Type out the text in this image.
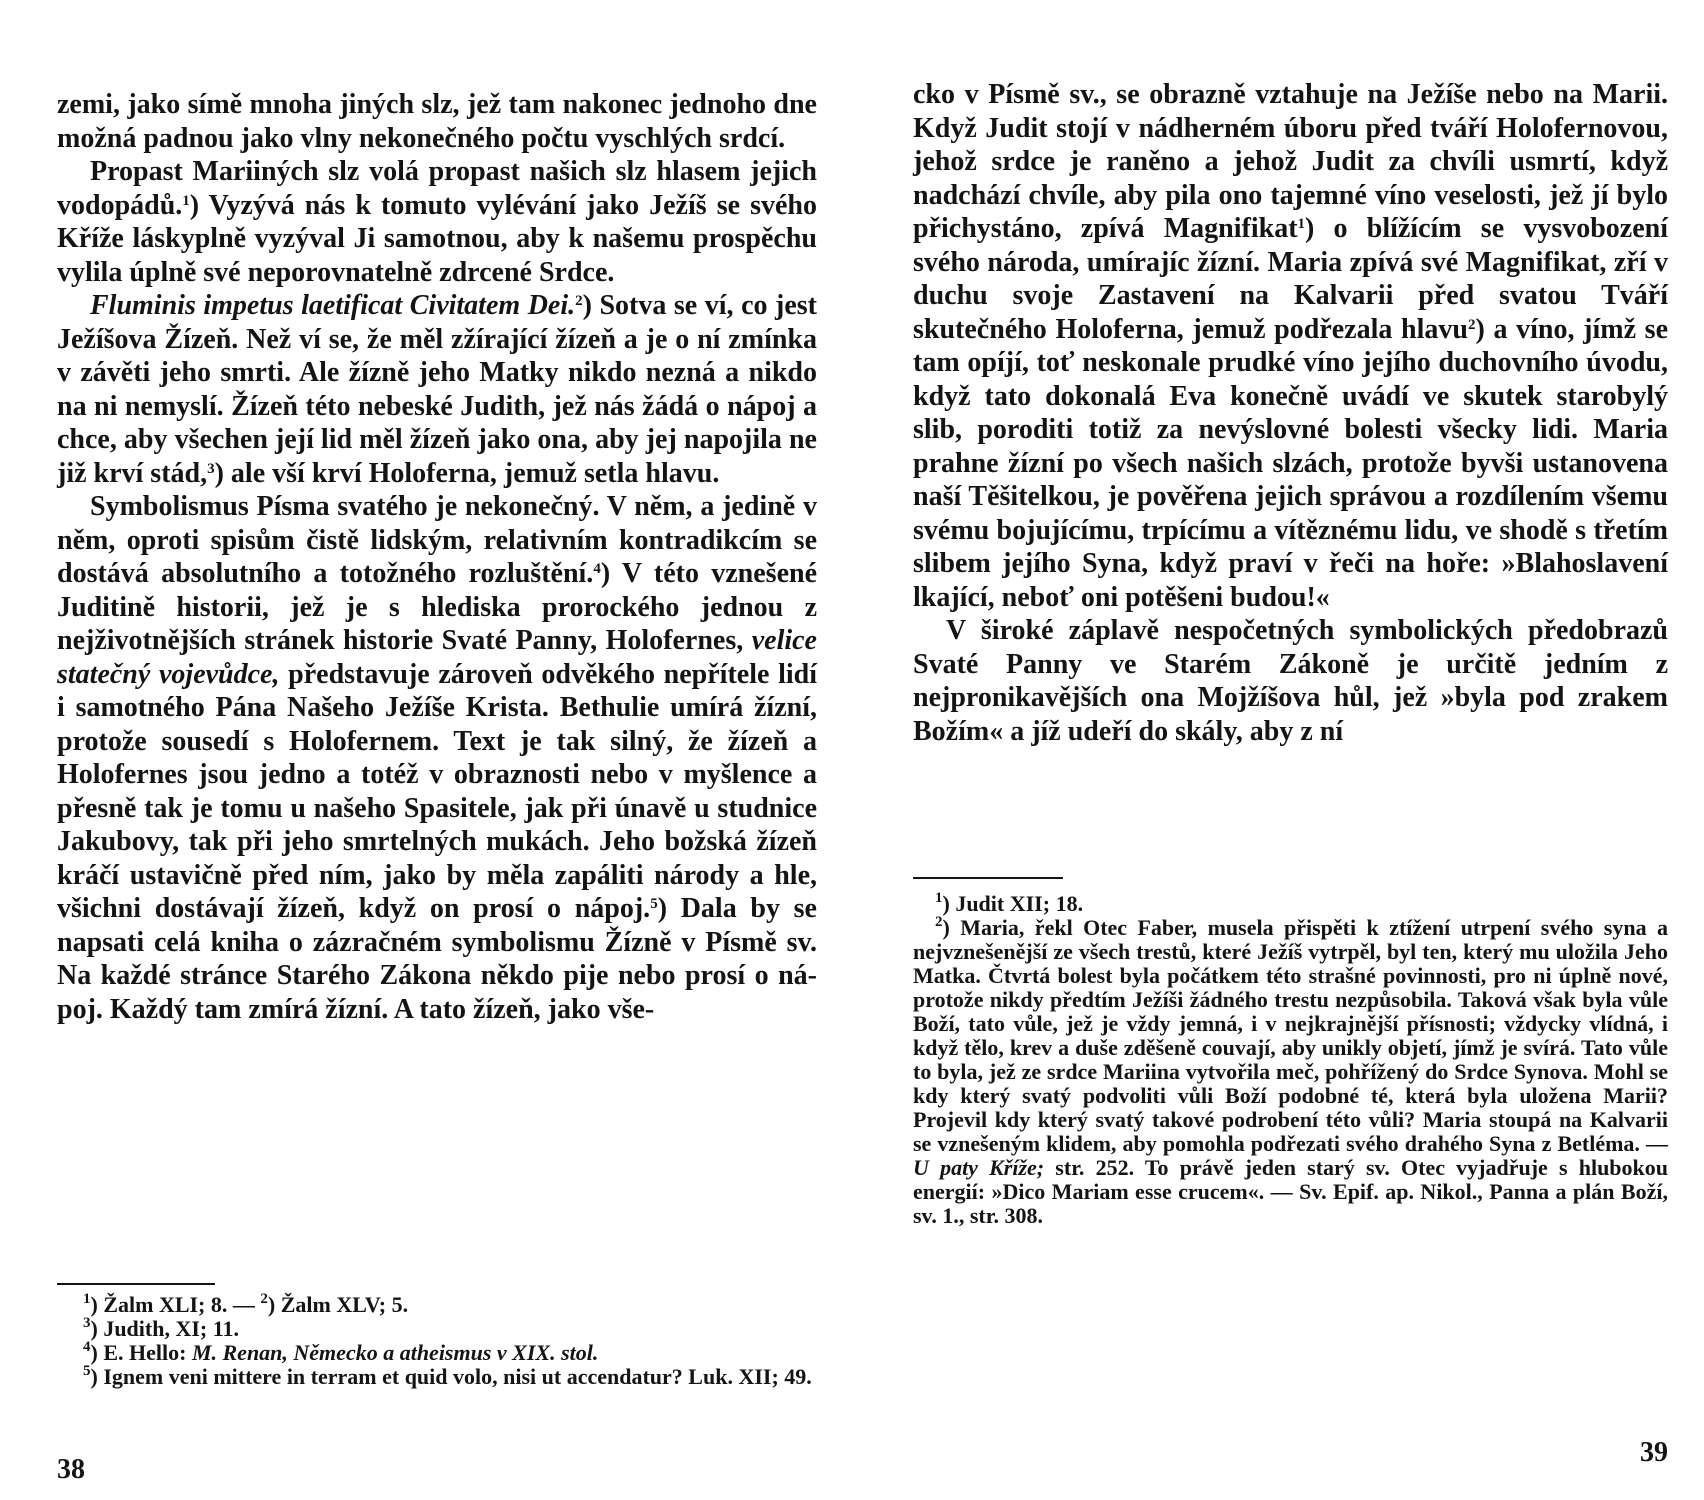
zemi, jako símě mnoha jiných slz, jež tam nakonec jednoho dne možná padnou jako vlny nekonečného počtu vyschlých srdcí.

Propast Mariiných slz volá propast našich slz hlasem jejich vodopádů.$^1$) Vyzývá nás k tomuto vylévání jako Ježíš se svého Kříže láskyplně vyzýval Ji samotnou, aby k našemu prospěchu vylila úplně své neporovnatelně zdrcené Srdce.

Fluminis impetus laetificat Civitatem Dei.$^2$) Sotva se ví, co jest Ježíšova Žízeň. Než ví se, že měl zžírající žízeň a je o ní zmínka v závěti jeho smrti. Ale žízně jeho Matky nikdo nezná a nikdo na ni nemyslí. Žízeň této nebeské Judith, jež nás žádá o nápoj a chce, aby všechen její lid měl žízeň jako ona, aby jej napojila ne již krví stád,$^3$) ale vší krví Holoferna, jemuž setla hlavu.

Symbolismus Písma svatého je nekonečný. V něm, a jedině v něm, oproti spisům čistě lidským, relativním kontradikcím se dostává absolutního a totožného rozluštění.$^4$) V této vznešené Juditině historii, jež je s hlediska prorockého jednou z nejživotnějších stránek historie Svaté Panny, Holofernes, velice statečný vojevůdce, představuje zároveň odvěkého nepřítele lidí i samotného Pána Našeho Ježíše Krista. Bethulie umírá žízní, protože sousedí s Holofernem. Text je tak silný, že žízeň a Holofernes jsou jedno a totéž v obraznosti nebo v myšlence a přesně tak je tomu u našeho Spasitele, jak při únavě u studnice Jakubovy, tak při jeho smrtelných mukách. Jeho božská žízeň kráčí ustavičně před ním, jako by měla zapáliti národy a hle, všichni dostávají žízeň, když on prosí o nápoj.$^5$) Dala by se napsati celá kniha o zázračném symbolismu Žízně v Písmě sv. Na každé stránce Starého Zákona někdo pije nebo prosí o nápoj. Každý tam zmírá žízní. A tato žízeň, jako vše-

$^1$) Žalm XLI; 8. — $^2$) Žalm XLV; 5.

$^3$) Judith, XI; 11.

$^4$) E. Hello: M. Renan, Německo a atheismus v XIX. stol.

$^5$) Ignem veni mittere in terram et quid volo, nisi ut accendatur? Luk. XII; 49.

38

cko v Písmě sv., se obrazně vztahuje na Ježíše nebo na Marii. Když Judit stojí v nádherném úboru před tváří Holofernovou, jehož srdce je raněno a jehož Judit za chvíli usmrtí, když nadchází chvíle, aby pila ono tajemné víno veselosti, jež jí bylo přichystáno, zpívá Magnifikat$^1$) o blížícím se vysvobození svého národa, umírajíc žízní. Maria zpívá své Magnifikat, zří v duchu svoje Zastavení na Kalvarii před svatou Tváří skutečného Holoferna, jemuž podřezala hlavu$^2$) a víno, jímž se tam opíjí, toť neskonale prudké víno jejího duchovního úvodu, když tato dokonalá Eva konečně uvádí ve skutek starobylý slib, poroditi totiž za nevýslovné bolesti všecky lidi. Maria prahne žízní po všech našich slzách, protože byvši ustanovena naší Těšitelkou, je pověřena jejich správou a rozdílením všemu svému bojujícímu, trpícímu a vítěznému lidu, ve shodě s třetím slibem jejího Syna, když praví v řeči na hoře: »Blahoslavení lkající, neboť oni potěšeni budou!«

V široké záplavě nespočetných symbolických předobrazů Svaté Panny ve Starém Zákoně je určitě jedním z nejpronikavějších ona Mojžíšova hůl, jež »byla pod zrakem Božím« a jíž udeří do skály, aby z ní

$^1$) Judit XII; 18.

$^2$) Maria, řekl Otec Faber, musela přispěti k ztížení utrpení svého syna a nejvznešenější ze všech trestů, které Ježíš vytrpěl, byl ten, který mu uložila Jeho Matka. Čtvrtá bolest byla počátkem této strašné povinnosti, pro ni úplně nové, protože nikdy předtím Ježíši žádného trestu nezpůsobila. Taková však byla vůle Boží, tato vůle, jež je vždy jemná, i v nejkrajnější přísnosti; vždycky vlídná, i když tělo, krev a duše zděšeně couvají, aby unikly objetí, jímž je svírá. Tato vůle to byla, jež ze srdce Mariina vytvořila meč, pohřížený do Srdce Synova. Mohl se kdy který svatý podvoliti vůli Boží podobné té, která byla uložena Marii? Projevil kdy který svatý takové podrobení této vůli? Maria stoupá na Kalvarii se vznešeným klidem, aby pomohla podřezati svého drahého Syna z Betléma. — U paty Kříže; str. 252. To právě jeden starý sv. Otec vyjadřuje s hlubokou energií: »Dico Mariam esse crucem«. — Sv. Epif. ap. Nikol., Panna a plán Boží, sv. 1., str. 308.

39
